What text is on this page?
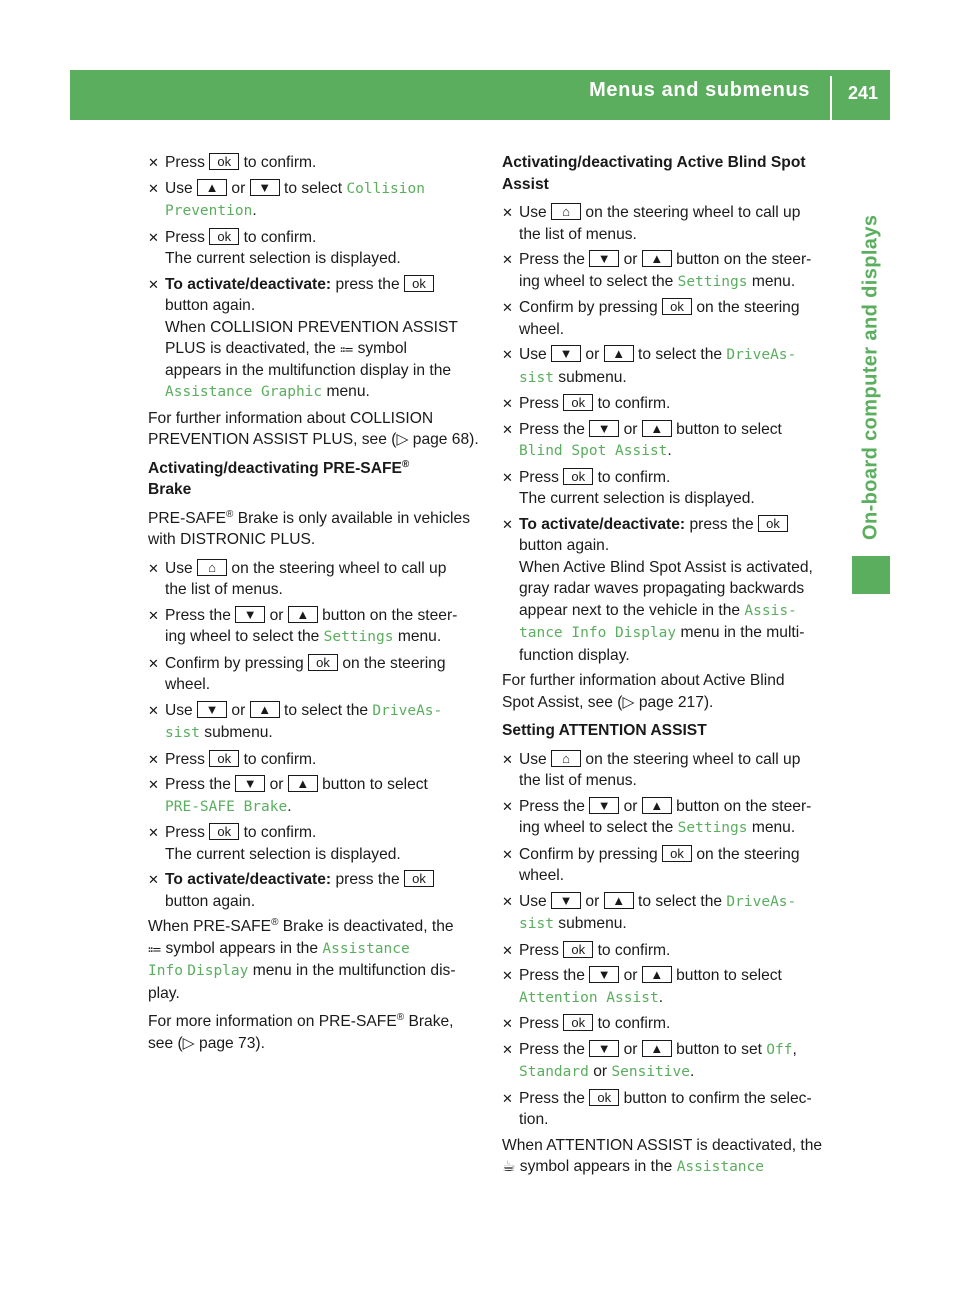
Menus and submenus	241
On-board computer and displays
✕ Press ok to confirm.
✕ Use ▲ or ▼ to select Collision
Prevention.
✕ Press ok to confirm.
The current selection is displayed.
✕ To activate/deactivate: press the ok
button again.
When COLLISION PREVENTION ASSIST
PLUS is deactivated, the ⩴ symbol
appears in the multifunction display in the
Assistance Graphic menu.

For further information about COLLISION
PREVENTION ASSIST PLUS, see (▷ page 68).

Activating/deactivating PRE-SAFE®
Brake

PRE-SAFE® Brake is only available in vehicles
with DISTRONIC PLUS.

✕ Use ⌂ on the steering wheel to call up
the list of menus.
✕ Press the ▼ or ▲ button on the steer-
ing wheel to select the Settings menu.
✕ Confirm by pressing ok on the steering
wheel.
✕ Use ▼ or ▲ to select the DriveAs‑
sist submenu.
✕ Press ok to confirm.
✕ Press the ▼ or ▲ button to select
PRE-SAFE Brake.
✕ Press ok to confirm.
The current selection is displayed.
✕ To activate/deactivate: press the ok
button again.

When PRE-SAFE® Brake is deactivated, the
⩴ symbol appears in the Assistance
Info Display menu in the multifunction dis-
play.

For more information on PRE-SAFE® Brake,
see (▷ page 73).

Activating/deactivating Active Blind Spot
Assist

✕ Use ⌂ on the steering wheel to call up
the list of menus.
✕ Press the ▼ or ▲ button on the steer-
ing wheel to select the Settings menu.
✕ Confirm by pressing ok on the steering
wheel.
✕ Use ▼ or ▲ to select the DriveAs‑
sist submenu.
✕ Press ok to confirm.
✕ Press the ▼ or ▲ button to select
Blind Spot Assist.
✕ Press ok to confirm.
The current selection is displayed.
✕ To activate/deactivate: press the ok
button again.
When Active Blind Spot Assist is activated,
gray radar waves propagating backwards
appear next to the vehicle in the Assis‑
tance Info Display menu in the multi-
function display.

For further information about Active Blind
Spot Assist, see (▷ page 217).

Setting ATTENTION ASSIST

✕ Use ⌂ on the steering wheel to call up
the list of menus.
✕ Press the ▼ or ▲ button on the steer-
ing wheel to select the Settings menu.
✕ Confirm by pressing ok on the steering
wheel.
✕ Use ▼ or ▲ to select the DriveAs‑
sist submenu.
✕ Press ok to confirm.
✕ Press the ▼ or ▲ button to select
Attention Assist.
✕ Press ok to confirm.
✕ Press the ▼ or ▲ button to set Off,
Standard or Sensitive.
✕ Press the ok button to confirm the selec-
tion.

When ATTENTION ASSIST is deactivated, the
☕ symbol appears in the Assistance
